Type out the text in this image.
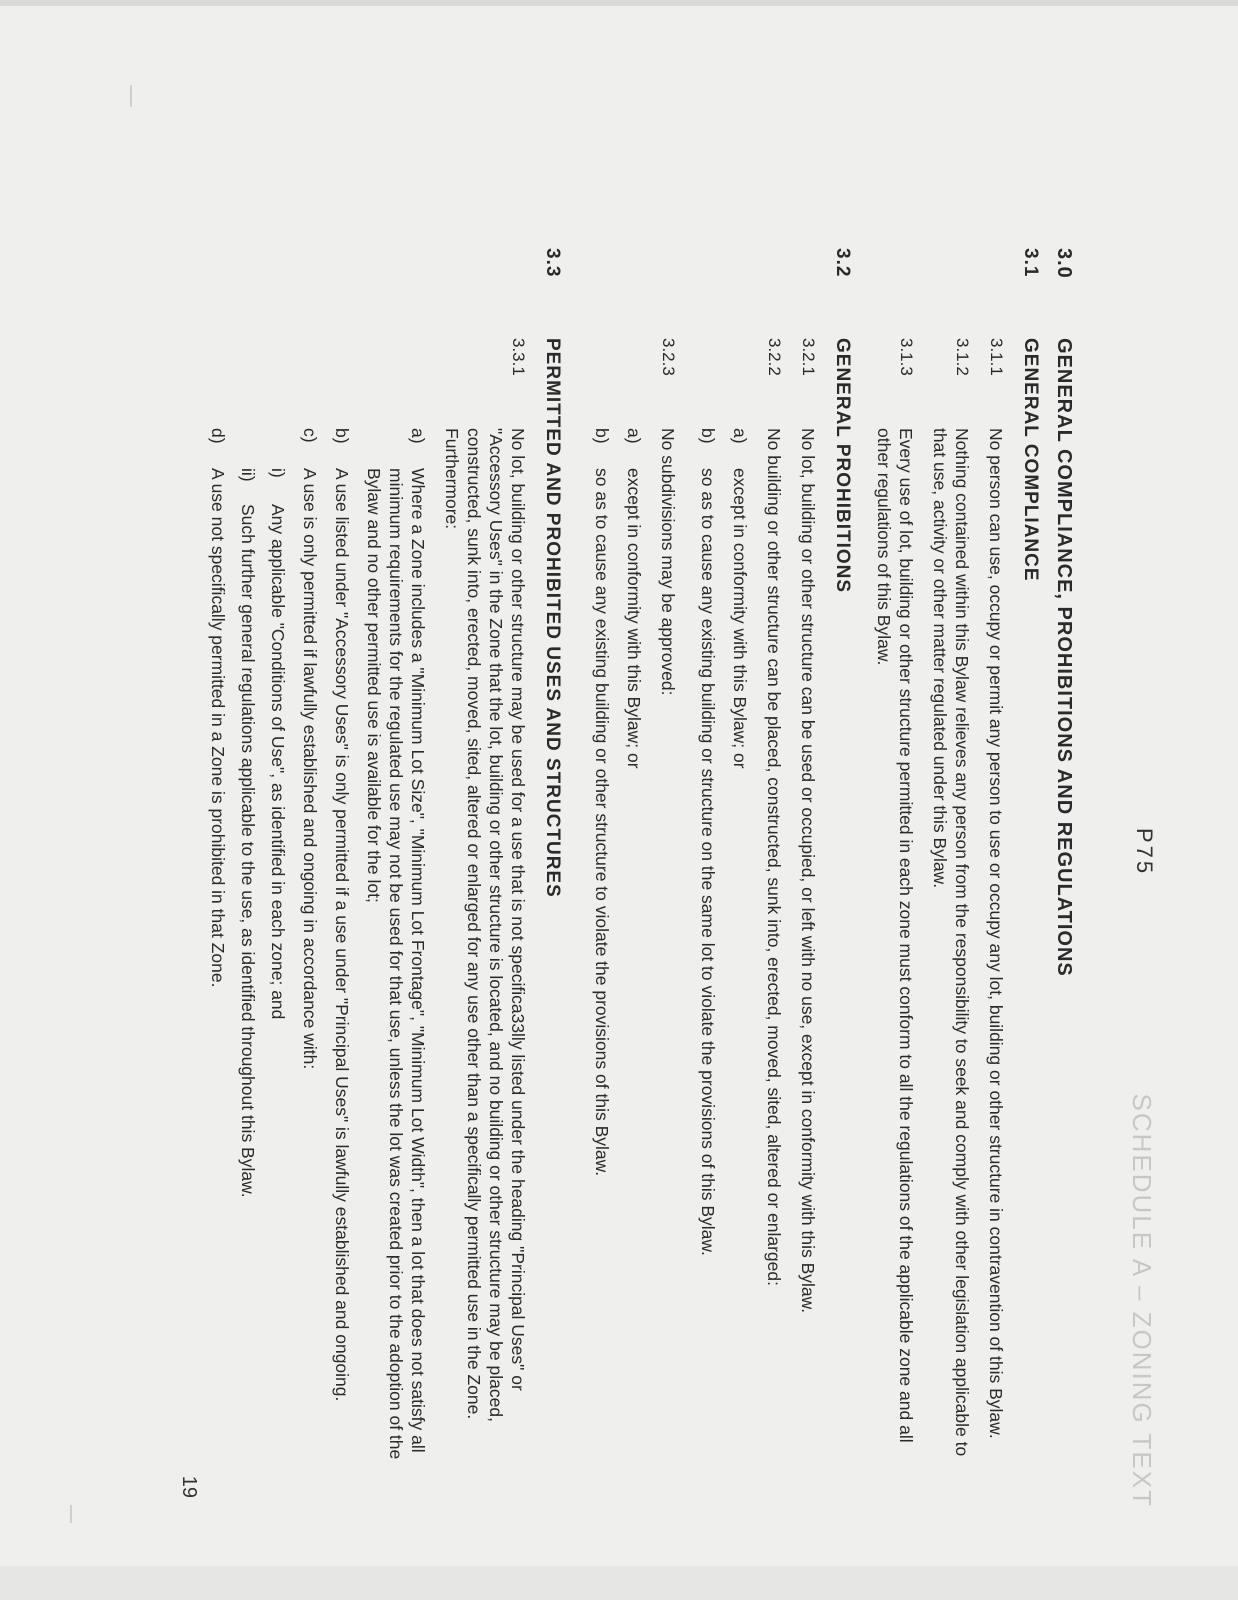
P75
SCHEDULE A – ZONING TEXT
3.0
GENERAL COMPLIANCE, PROHIBITIONS AND REGULATIONS
3.1
GENERAL COMPLIANCE
3.1.1
No person can use, occupy or permit any person to use or occupy any lot, building or other structure in contravention of this Bylaw.
3.1.2
Nothing contained within this Bylaw relieves any person from the responsibility to seek and comply with other legislation applicable to that use, activity or other matter regulated under this Bylaw.
3.1.3
Every use of lot, building or other structure permitted in each zone must conform to all the regulations of the applicable zone and all other regulations of this Bylaw.
3.2
GENERAL PROHIBITIONS
3.2.1
No lot, building or other structure can be used or occupied, or left with no use, except in conformity with this Bylaw.
3.2.2
No building or other structure can be placed, constructed, sunk into, erected, moved, sited, altered or enlarged:
a)
except in conformity with this Bylaw; or
b)
so as to cause any existing building or structure on the same lot to violate the provisions of this Bylaw.
3.2.3
No subdivisions may be approved:
a)
except in conformity with this Bylaw; or
b)
so as to cause any existing building or other structure to violate the provisions of this Bylaw.
3.3
PERMITTED AND PROHIBITED USES AND STRUCTURES
3.3.1
No lot, building or other structure may be used for a use that is not specifica33lly listed under the heading "Principal Uses" or "Accessory Uses" in the Zone that the lot, building or other structure is located, and no building or other structure may be placed, constructed, sunk into, erected, moved, sited, altered or enlarged for any use other than a specifically permitted use in the Zone. Furthermore:
a)
Where a Zone includes a "Minimum Lot Size", "Minimum Lot Frontage", "Minimum Lot Width", then a lot that does not satisfy all minimum requirements for the regulated use may not be used for that use, unless the lot was created prior to the adoption of the Bylaw and no other permitted use is available for the lot;
b)
A use listed under "Accessory Uses" is only permitted if a use under "Principal Uses" is lawfully established and ongoing.
c)
A use is only permitted if lawfully established and ongoing in accordance with:
i)
Any applicable "Conditions of Use", as identified in each zone; and
ii)
Such further general regulations applicable to the use, as identified throughout this Bylaw.
d)
A use not specifically permitted in a Zone is prohibited in that Zone.
19
